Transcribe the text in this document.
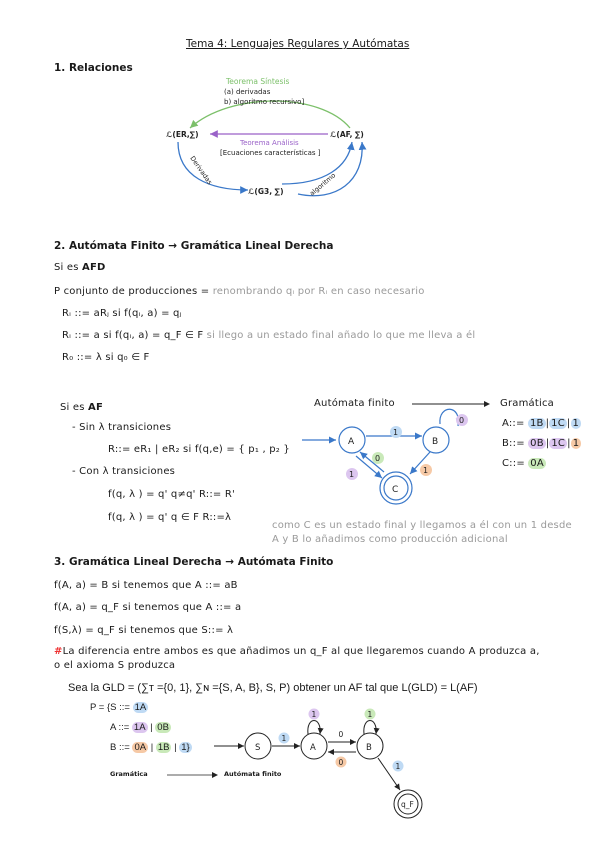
Tema 4: Lenguajes Regulares y Autómatas
1. Relaciones
Teorema Síntesis
(a) derivadas
b) algoritmo recursivo]
ℒ(ER,∑)	ℒ(AF, ∑)
Teorema Análisis
[Ecuaciones características ]
ℒ(G3, ∑)
Derivadas	algoritmo
2. Autómata Finito → Gramática Lineal Derecha
Si es AFD
P conjunto de producciones = renombrando qᵢ por Rᵢ en caso necesario
Rᵢ ::= aRⱼ si f(qᵢ, a) = qⱼ
Rᵢ ::= a si f(qᵢ, a) = q_F ∈ F si llego a un estado final añado lo que me lleva a él
R₀ ::= λ si q₀ ∈ F
Si es AF
- Sin λ transiciones
R::= eR₁ | eR₂ si f(q,e) = { p₁ , p₂ }
- Con λ transiciones
f(q, λ ) = q' q≠q' R::= R'
f(q, λ ) = q' q ∈ F R::=λ
Autómata finito	Gramática
A::= 1B | 1C | 1
B::= 0B | 1C | 1
C::= 0A
A	B
C
1
0
0
1	1
como C es un estado final y llegamos a él con un 1 desde
A y B lo añadimos como producción adicional
3. Gramática Lineal Derecha → Autómata Finito
f(A, a) = B si tenemos que A ::= aB
f(A, a) = q_F si tenemos que A ::= a
f(S,λ) = q_F si tenemos que S::= λ
#La diferencia entre ambos es que añadimos un q_F al que llegaremos cuando A produzca a,
o el axioma S produzca
Sea la GLD = (∑ᴛ ={0, 1}, ∑ɴ ={S, A, B}, S, P) obtener un AF tal que L(GLD) = L(AF)
P = {S ::= 1A
A ::= 1A | 0B
B ::= 0A | 1B | 1}
Gramática	Autómata finito
S	A	B
q_F
1
1
0
0
1
1
